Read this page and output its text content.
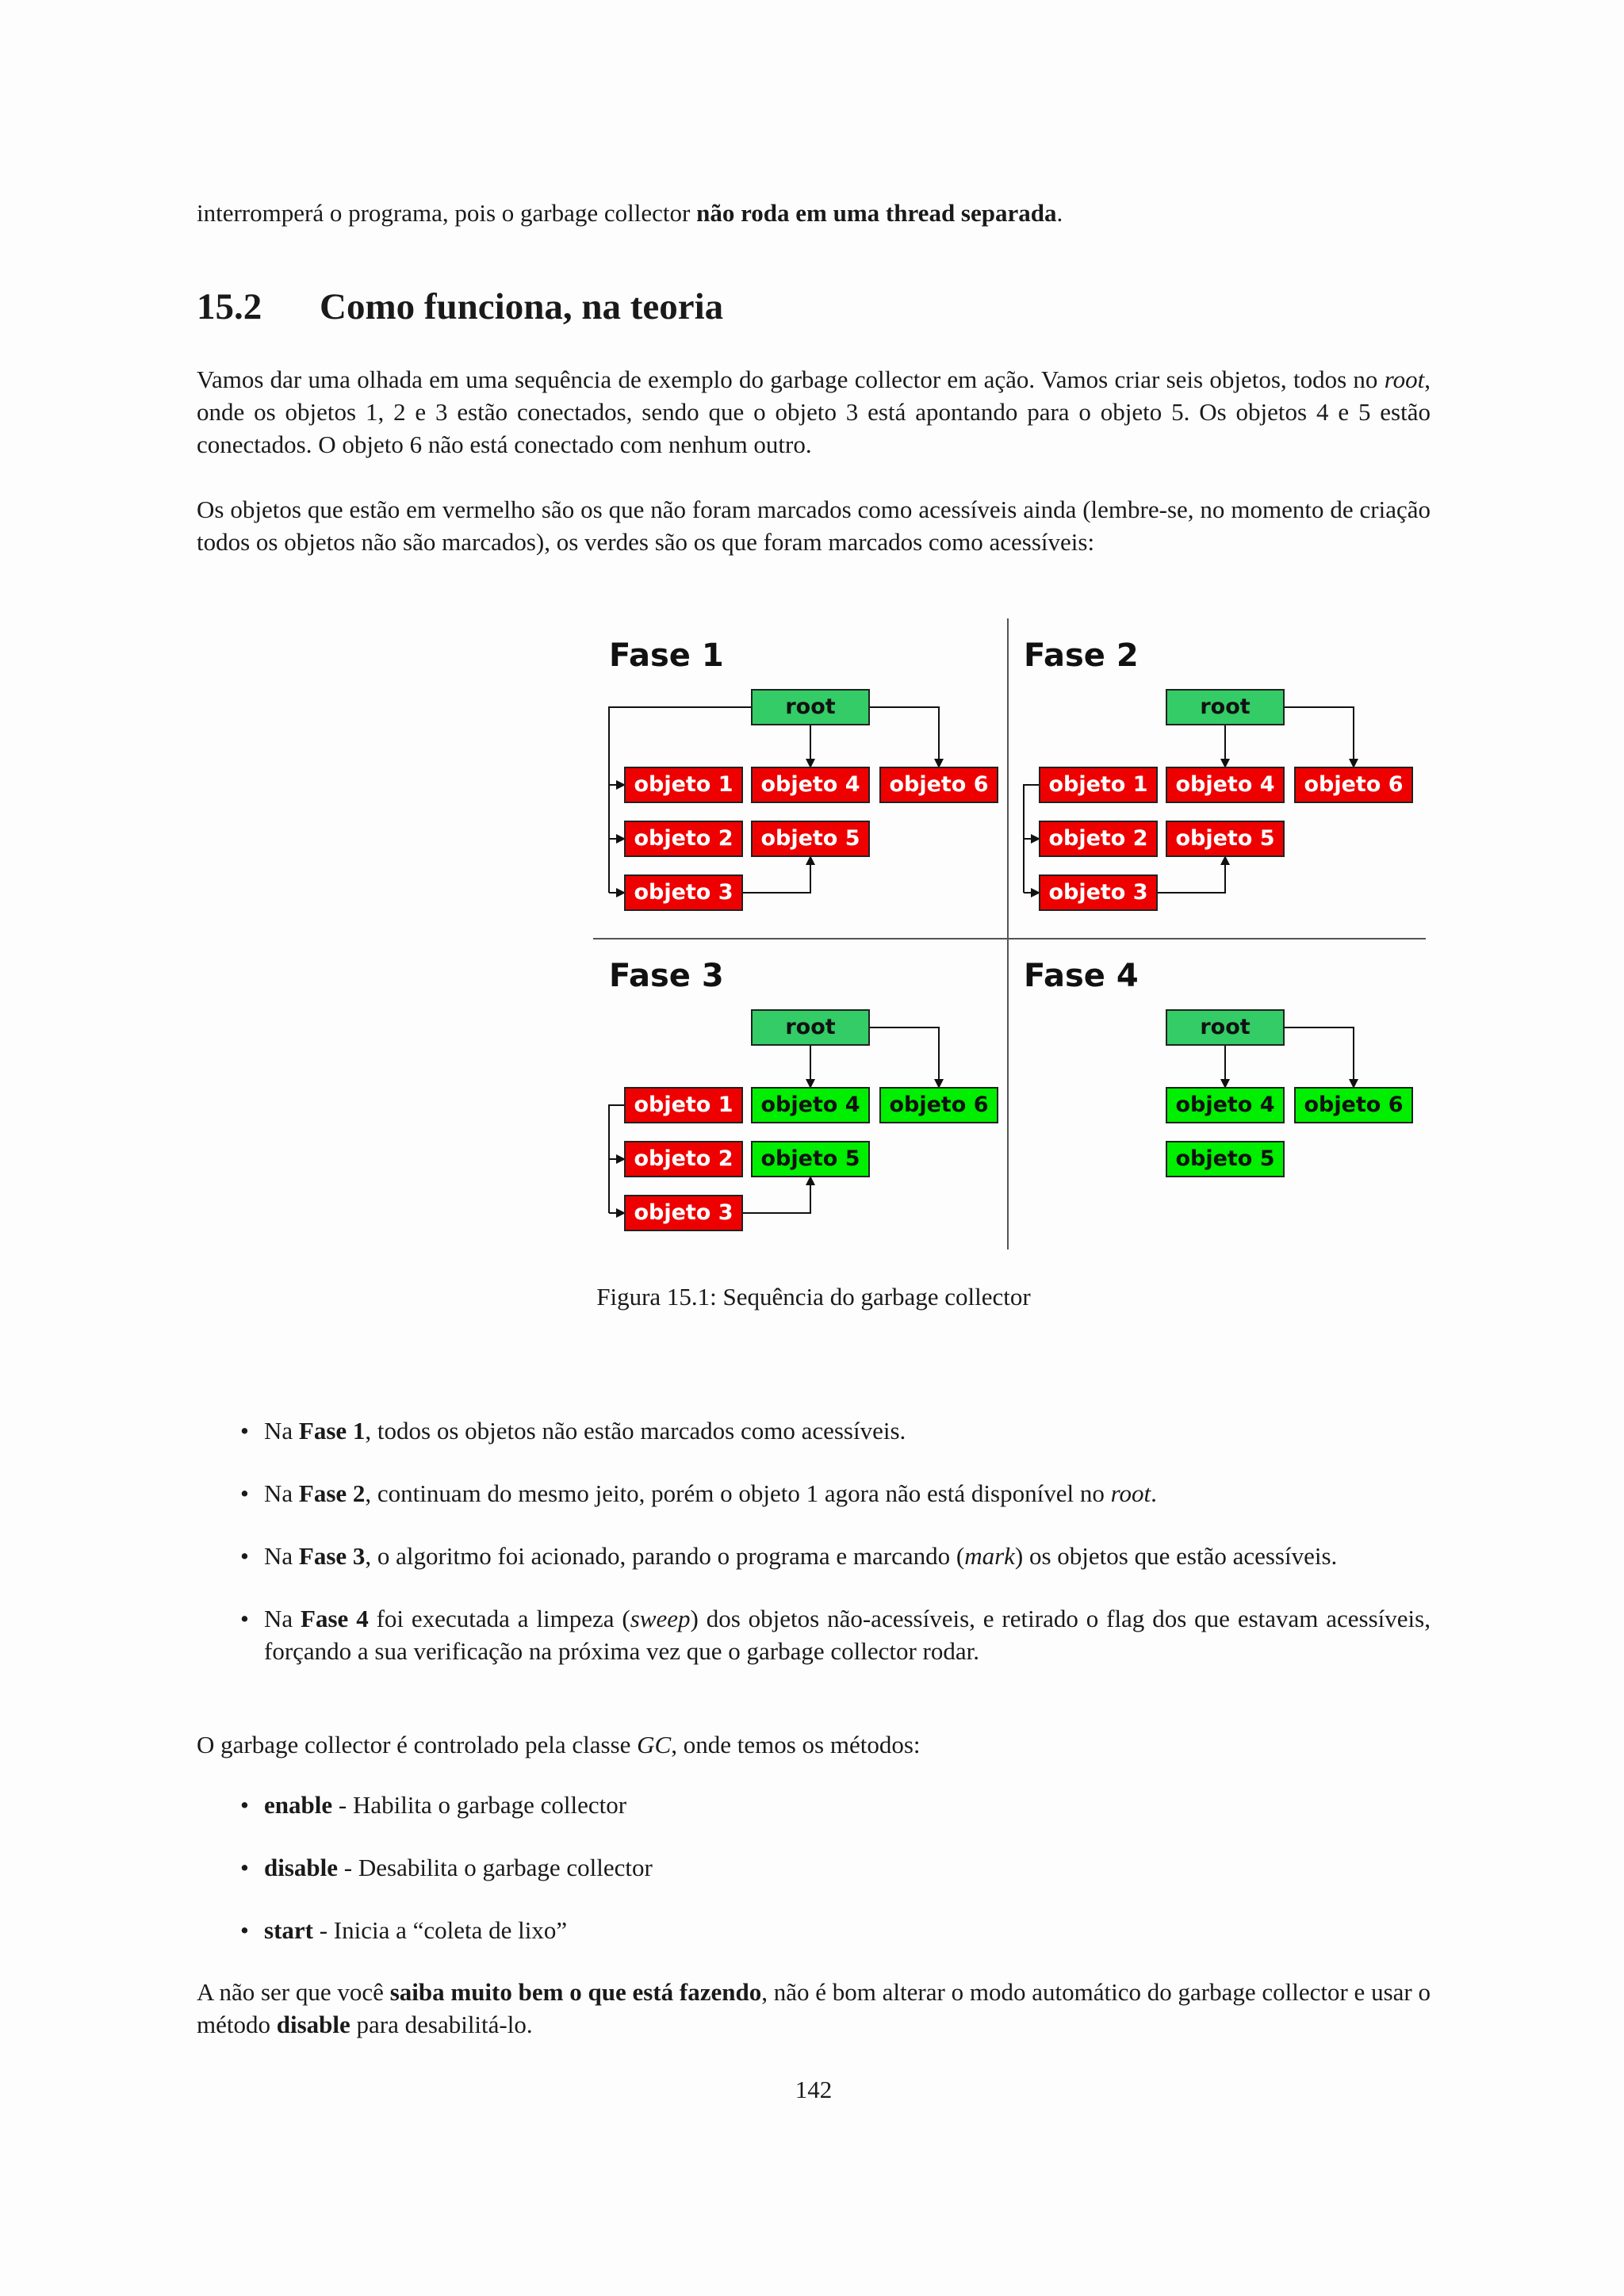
interromperá o programa, pois o garbage collector não roda em uma thread separada.

15.2 Como funciona, na teoria

Vamos dar uma olhada em uma sequência de exemplo do garbage collector em ação. Vamos criar seis objetos, todos no root, onde os objetos 1, 2 e 3 estão conectados, sendo que o objeto 3 está apontando para o objeto 5. Os objetos 4 e 5 estão conectados. O objeto 6 não está conectado com nenhum outro.

Os objetos que estão em vermelho são os que não foram marcados como acessíveis ainda (lembre-se, no momento de criação todos os objetos não são marcados), os verdes são os que foram marcados como acessíveis:

Fase 1
objeto 1
objeto 2
objeto 3
objeto 4
objeto 5
objeto 6
root
Fase 2
objeto 1
objeto 2
objeto 3
objeto 4
objeto 5
objeto 6
root
Fase 3
objeto 1
objeto 2
objeto 3
objeto 4
objeto 5
objeto 6
root
Fase 4
objeto 4
objeto 5
objeto 6
root
Figura 15.1: Sequência do garbage collector
• Na Fase 1, todos os objetos não estão marcados como acessíveis.
• Na Fase 2, continuam do mesmo jeito, porém o objeto 1 agora não está disponível no root.
• Na Fase 3, o algoritmo foi acionado, parando o programa e marcando (mark) os objetos que estão acessíveis.
• Na Fase 4 foi executada a limpeza (sweep) dos objetos não-acessíveis, e retirado o flag dos que estavam acessíveis, forçando a sua verificação na próxima vez que o garbage collector rodar.

O garbage collector é controlado pela classe GC, onde temos os métodos:

• enable - Habilita o garbage collector
• disable - Desabilita o garbage collector
• start - Inicia a “coleta de lixo”

A não ser que você saiba muito bem o que está fazendo, não é bom alterar o modo automático do garbage collector e usar o método disable para desabilitá-lo.

142
